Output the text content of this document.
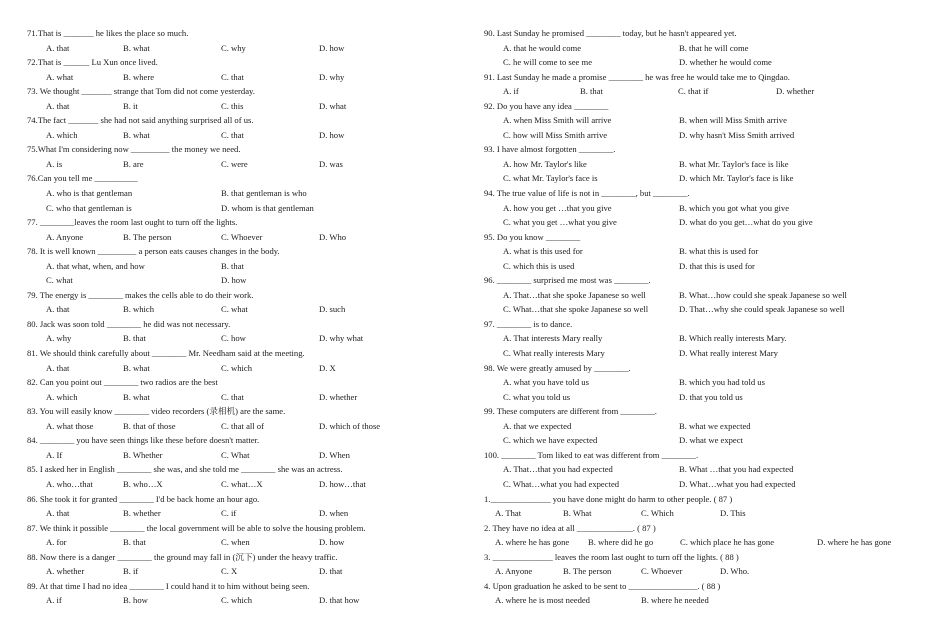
71.That is _______ he likes the place so much.
A. that	B. what	C. why	D. how
72.That is ______ Lu Xun once lived.
A. what	B. where	C. that	D. why
73. We thought _______ strange that Tom did not come yesterday.
A. that	B. it	C. this	D. what
74.The fact _______ she had not said anything surprised all of us.
A. which	B. what	C. that	D. how
75.What I'm considering now _________ the money we need.
A. is	B. are	C. were	D. was
76.Can you tell me __________
A. who is that gentleman	B. that gentleman is who
C. who that gentleman is	D. whom is that gentleman
77. ________leaves the room last ought to turn off the lights.
A. Anyone	B. The person	C. Whoever	D. Who
78. It is well known _________ a person eats causes changes in the body.
A. that what, when, and how	B. that
C. what	D. how
79. The energy is ________ makes the cells able to do their work.
A. that	B. which	C. what	D. such
80. Jack was soon told ________ he did was not necessary.
A. why	B. that	C. how	D. why what
81. We should think carefully about ________ Mr. Needham said at the meeting.
A. that	B. what	C. which	D. X
82. Can you point out ________ two radios are the best
A. which	B. what	C. that	D. whether
83. You will easily know ________ video recorders (录相机) are the same.
A. what those	B. that of those	C. that all of	D. which of those
84. ________ you have seen things like these before doesn't matter.
A. If	B. Whether	C. What	D. When
85. I asked her in English ________ she was, and she told me ________ she was an actress.
A. who…that	B. who…X	C. what…X	D. how…that
86. She took it for granted ________ I'd be back home an hour ago.
A. that	B. whether	C. if	D. when
87. We think it possible ________ the local government will be able to solve the housing problem.
A. for	B. that	C. when	D. how
88. Now there is a danger ________ the ground may fall in (沉下) under the heavy traffic.
A. whether	B. if	C. X	D. that
89. At that time I had no idea ________ I could hand it to him without being seen.
A. if	B. how	C. which	D. that how
90. Last Sunday he promised ________ today, but he hasn't appeared yet.
A. that he would come	B. that he will come
C. he will come to see me	D. whether he would come
91. Last Sunday he made a promise ________ he was free he would take me to Qingdao.
A. if	B. that	C. that if	D. whether
92. Do you have any idea ________
A. when Miss Smith will arrive	B. when will Miss Smith arrive
C. how will Miss Smith arrive	D. why hasn't Miss Smith arrived
93. I have almost forgotten ________.
A. how Mr. Taylor's like	B. what Mr. Taylor's face is like
C. what Mr. Taylor's face is	D. which Mr. Taylor's face is like
94. The true value of life is not in ________, but ________.
A. how you get …that you give	B. which you got what you give
C. what you get …what you give	D. what do you get…what do you give
95. Do you know ________
A. what is this used for	B. what this is used for
C. which this is used	D. that this is used for
96. ________ surprised me most was ________.
A. That…that she spoke Japanese so well	B. What…how could she speak Japanese so well
C. What…that she spoke Japanese so well	D. That…why she could speak Japanese so well
97. ________ is to dance.
A. That interests Mary really	B. Which really interests Mary.
C. What really interests Mary	D. What really interest Mary
98. We were greatly amused by ________.
A. what you have told us	B. which you had told us
C. what you told us	D. that you told us
99. These computers are different from ________.
A. that we expected	B. what we expected
C. which we have expected	D. what we expect
100. ________ Tom liked to eat was different from ________.
A. That…that you had expected	B. What …that you had expected
C. What…what you had expected	D. What…what you had expected
1.______________ you have done might do harm to other people. ( 87 )
A. That	B. What	C. Which	D. This
2. They have no idea at all _____________. ( 87 )
A. where he has gone B. where did he go	C. which place he has gone	D. where he has gone
3. ______________ leaves the room last ought to turn off the lights. ( 88 )
A. Anyone	B. The person	C. Whoever	D. Who.
4. Upon graduation he asked to be sent to ________________. ( 88 )
A. where he is most needed	B. where he needed
